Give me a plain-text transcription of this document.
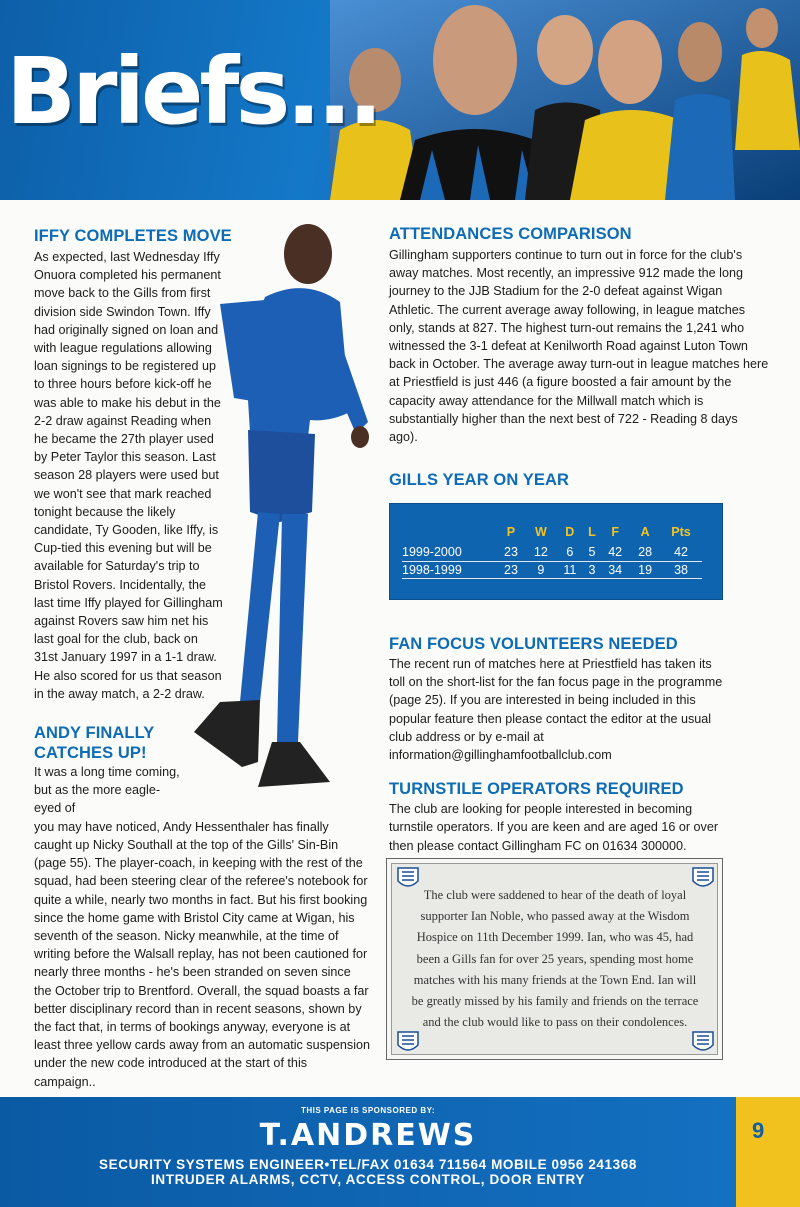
Briefs...
IFFY COMPLETES MOVE
As expected, last Wednesday Iffy Onuora completed his permanent move back to the Gills from first division side Swindon Town. Iffy had originally signed on loan and with league regulations allowing loan signings to be registered up to three hours before kick-off he was able to make his debut in the 2-2 draw against Reading when he became the 27th player used by Peter Taylor this season. Last season 28 players were used but we won't see that mark reached tonight because the likely candidate, Ty Gooden, like Iffy, is Cup-tied this evening but will be available for Saturday's trip to Bristol Rovers. Incidentally, the last time Iffy played for Gillingham against Rovers saw him net his last goal for the club, back on 31st January 1997 in a 1-1 draw. He also scored for us that season in the away match, a 2-2 draw.
ANDY FINALLY
CATCHES UP!
It was a long time coming, but as the more eagle-eyed of
you may have noticed, Andy Hessenthaler has finally caught up Nicky Southall at the top of the Gills' Sin-Bin (page 55). The player-coach, in keeping with the rest of the squad, had been steering clear of the referee's notebook for quite a while, nearly two months in fact. But his first booking since the home game with Bristol City came at Wigan, his seventh of the season. Nicky meanwhile, at the time of writing before the Walsall replay, has not been cautioned for nearly three months - he's been stranded on seven since the October trip to Brentford. Overall, the squad boasts a far better disciplinary record than in recent seasons, shown by the fact that, in terms of bookings anyway, everyone is at least three yellow cards away from an automatic suspension under the new code introduced at the start of this campaign..
ATTENDANCES COMPARISON
Gillingham supporters continue to turn out in force for the club's away matches. Most recently, an impressive 912 made the long journey to the JJB Stadium for the 2-0 defeat against Wigan Athletic. The current average away following, in league matches only, stands at 827. The highest turn-out remains the 1,241 who witnessed the 3-1 defeat at Kenilworth Road against Luton Town back in October. The average away turn-out in league matches here at Priestfield is just 446 (a figure boosted a fair amount by the capacity away attendance for the Millwall match which is substantially higher than the next best of 722 - Reading 8 days ago).
GILLS YEAR ON YEAR
	P	W	D	L	F	A	Pts
1999-2000	23	12	6	5	42	28	42
1998-1999	23	9	11	3	34	19	38
FAN FOCUS VOLUNTEERS NEEDED
The recent run of matches here at Priestfield has taken its toll on the short-list for the fan focus page in the programme (page 25). If you are interested in being included in this popular feature then please contact the editor at the usual club address or by e-mail at
information@gillinghamfootballclub.com
TURNSTILE OPERATORS REQUIRED
The club are looking for people interested in becoming turnstile operators. If you are keen and are aged 16 or over then please contact Gillingham FC on 01634 300000.

The club were saddened to hear of the death of loyal supporter Ian Noble, who passed away at the Wisdom Hospice on 11th December 1999. Ian, who was 45, had been a Gills fan for over 25 years, spending most home matches with his many friends at the Town End. Ian will be greatly missed by his family and friends on the terrace and the club would like to pass on their condolences.

9
THIS PAGE IS SPONSORED BY:
T.ANDREWS
SECURITY SYSTEMS ENGINEER•TEL/FAX 01634 711564 MOBILE 0956 241368
INTRUDER ALARMS, CCTV, ACCESS CONTROL, DOOR ENTRY
